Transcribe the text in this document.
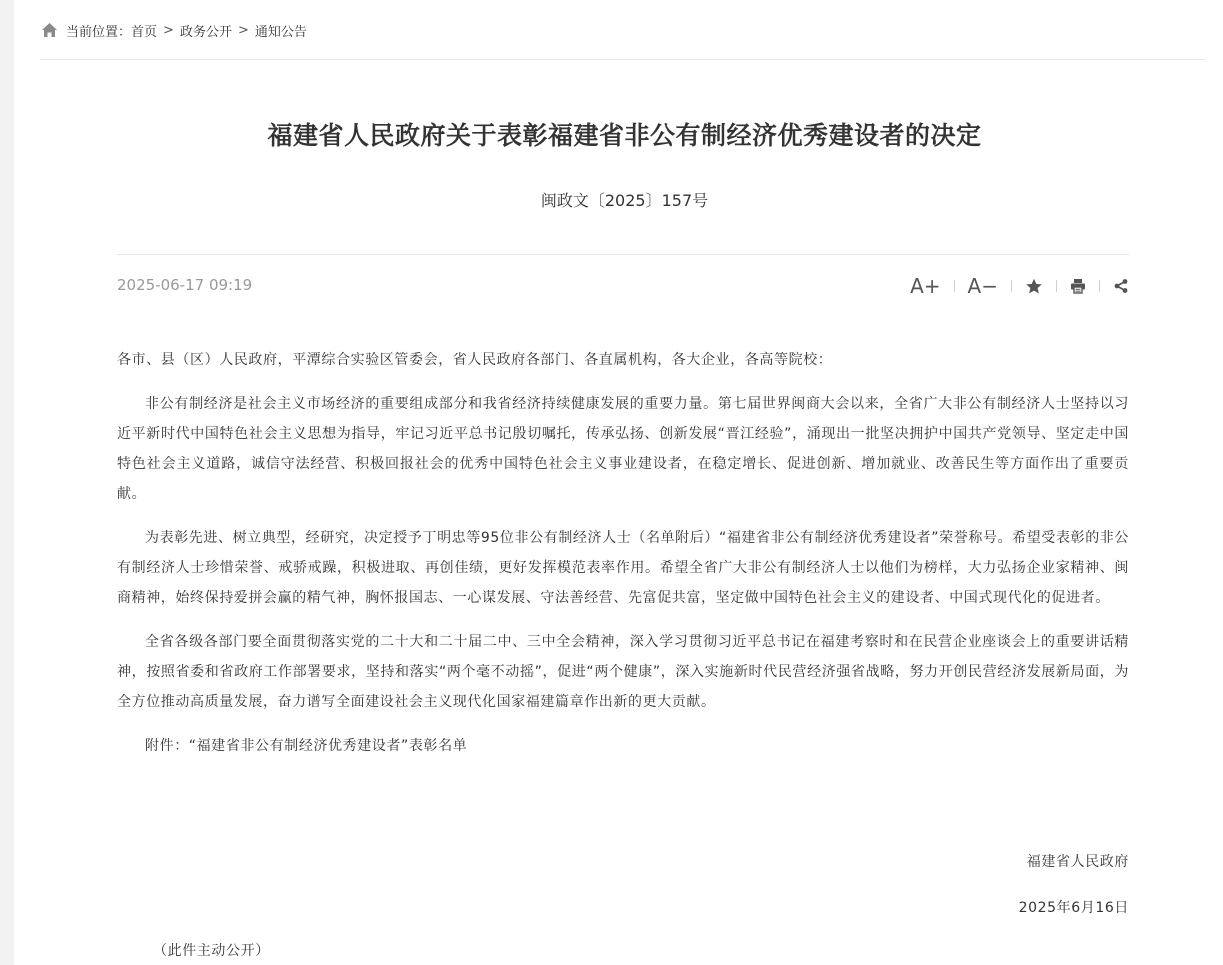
当前位置： 首页 > 政务公开 > 通知公告
福建省人民政府关于表彰福建省非公有制经济优秀建设者的决定
闽政文〔2025〕157号
2025-06-17 09:19	A+ A−

各市、县（区）人民政府，平潭综合实验区管委会，省人民政府各部门、各直属机构，各大企业，各高等院校：

非公有制经济是社会主义市场经济的重要组成部分和我省经济持续健康发展的重要力量。第七届世界闽商大会以来，全省广大非公有制经济人士坚持以习近平新时代中国特色社会主义思想为指导，牢记习近平总书记殷切嘱托，传承弘扬、创新发展“晋江经验”，涌现出一批坚决拥护中国共产党领导、坚定走中国特色社会主义道路，诚信守法经营、积极回报社会的优秀中国特色社会主义事业建设者，在稳定增长、促进创新、增加就业、改善民生等方面作出了重要贡献。

为表彰先进、树立典型，经研究，决定授予丁明忠等95位非公有制经济人士（名单附后）“福建省非公有制经济优秀建设者”荣誉称号。希望受表彰的非公有制经济人士珍惜荣誉、戒骄戒躁，积极进取、再创佳绩，更好发挥模范表率作用。希望全省广大非公有制经济人士以他们为榜样，大力弘扬企业家精神、闽商精神，始终保持爱拼会赢的精气神，胸怀报国志、一心谋发展、守法善经营、先富促共富，坚定做中国特色社会主义的建设者、中国式现代化的促进者。

全省各级各部门要全面贯彻落实党的二十大和二十届二中、三中全会精神，深入学习贯彻习近平总书记在福建考察时和在民营企业座谈会上的重要讲话精神，按照省委和省政府工作部署要求，坚持和落实“两个毫不动摇”，促进“两个健康”，深入实施新时代民营经济强省战略，努力开创民营经济发展新局面，为全方位推动高质量发展，奋力谱写全面建设社会主义现代化国家福建篇章作出新的更大贡献。

附件：“福建省非公有制经济优秀建设者”表彰名单

福建省人民政府
2025年6月16日
（此件主动公开）
